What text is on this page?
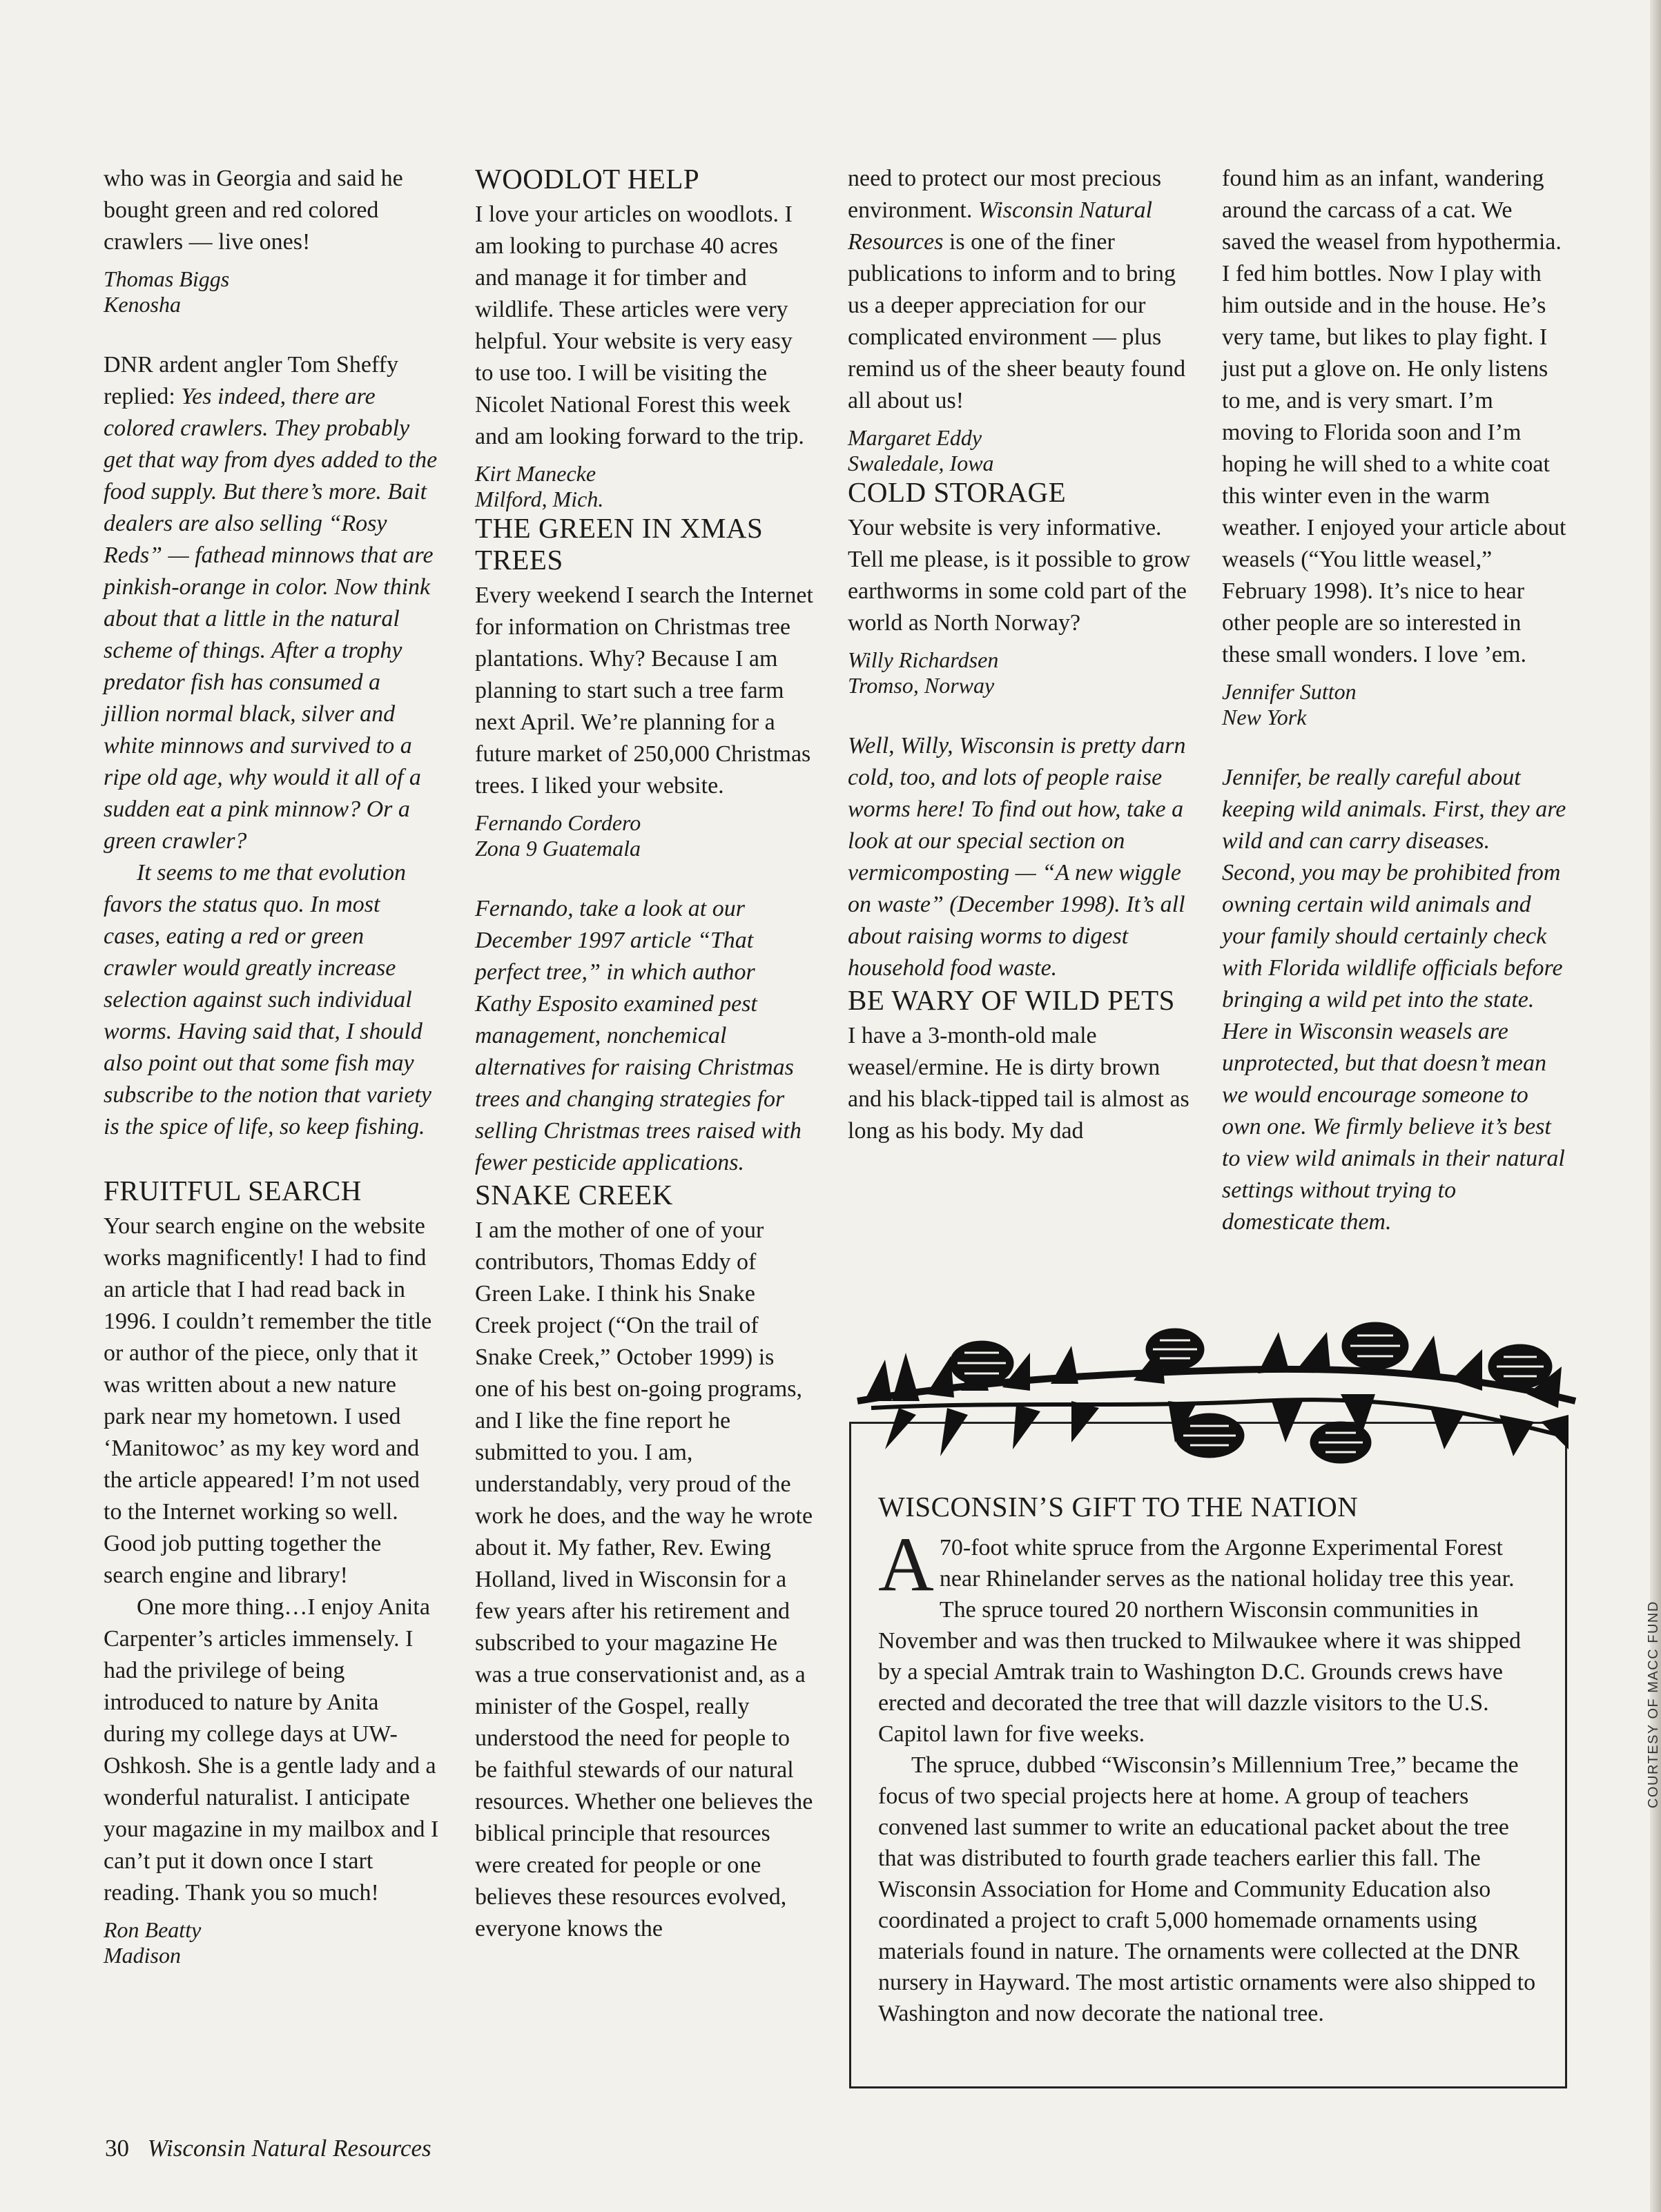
who was in Georgia and said he bought green and red colored crawlers — live ones!

Thomas Biggs
Kenosha

DNR ardent angler Tom Sheffy replied: Yes indeed, there are colored crawlers. They probably get that way from dyes added to the food supply. But there’s more. Bait dealers are also selling “Rosy Reds” — fathead minnows that are pinkish-orange in color. Now think about that a little in the natural scheme of things. After a trophy predator fish has consumed a jillion normal black, silver and white minnows and survived to a ripe old age, why would it all of a sudden eat a pink minnow? Or a green crawler?

It seems to me that evolution favors the status quo. In most cases, eating a red or green crawler would greatly increase selection against such individual worms. Having said that, I should also point out that some fish may subscribe to the notion that variety is the spice of life, so keep fishing.

FRUITFUL SEARCH

Your search engine on the website works magnificently! I had to find an article that I had read back in 1996. I couldn’t remember the title or author of the piece, only that it was written about a new nature park near my hometown. I used ‘Manitowoc’ as my key word and the article appeared! I’m not used to the Internet working so well. Good job putting together the search engine and library!

One more thing…I enjoy Anita Carpenter’s articles immensely. I had the privilege of being introduced to nature by Anita during my college days at UW-Oshkosh. She is a gentle lady and a wonderful naturalist. I anticipate your magazine in my mailbox and I can’t put it down once I start reading. Thank you so much!

Ron Beatty
Madison
WOODLOT HELP

I love your articles on woodlots. I am looking to purchase 40 acres and manage it for timber and wildlife. These articles were very helpful. Your website is very easy to use too. I will be visiting the Nicolet National Forest this week and am looking forward to the trip.

Kirt Manecke
Milford, Mich.
THE GREEN IN XMAS TREES

Every weekend I search the Internet for information on Christmas tree plantations. Why? Because I am planning to start such a tree farm next April. We’re planning for a future market of 250,000 Christmas trees. I liked your website.

Fernando Cordero
Zona 9 Guatemala

Fernando, take a look at our December 1997 article “That perfect tree,” in which author Kathy Esposito examined pest management, nonchemical alternatives for raising Christmas trees and changing strategies for selling Christmas trees raised with fewer pesticide applications.

SNAKE CREEK

I am the mother of one of your contributors, Thomas Eddy of Green Lake. I think his Snake Creek project (“On the trail of Snake Creek,” October 1999) is one of his best on-going programs, and I like the fine report he submitted to you. I am, understandably, very proud of the work he does, and the way he wrote about it. My father, Rev. Ewing Holland, lived in Wisconsin for a few years after his retirement and subscribed to your magazine He was a true conservationist and, as a minister of the Gospel, really understood the need for people to be faithful stewards of our natural resources. Whether one believes the biblical principle that resources were created for people or one believes these resources evolved, everyone knows the

need to protect our most precious environment. Wisconsin Natural Resources is one of the finer publications to inform and to bring us a deeper appreciation for our complicated environment — plus remind us of the sheer beauty found all about us!

Margaret Eddy
Swaledale, Iowa
COLD STORAGE

Your website is very informative. Tell me please, is it possible to grow earthworms in some cold part of the world as North Norway?

Willy Richardsen
Tromso, Norway

Well, Willy, Wisconsin is pretty darn cold, too, and lots of people raise worms here! To find out how, take a look at our special section on vermicomposting — “A new wiggle on waste” (December 1998). It’s all about raising worms to digest household food waste.

BE WARY OF WILD PETS

I have a 3-month-old male weasel/ermine. He is dirty brown and his black-tipped tail is almost as long as his body. My dad

found him as an infant, wandering around the carcass of a cat. We saved the weasel from hypothermia. I fed him bottles. Now I play with him outside and in the house. He’s very tame, but likes to play fight. I just put a glove on. He only listens to me, and is very smart. I’m moving to Florida soon and I’m hoping he will shed to a white coat this winter even in the warm weather. I enjoyed your article about weasels (“You little weasel,” February 1998). It’s nice to hear other people are so interested in these small wonders. I love ’em.

Jennifer Sutton
New York

Jennifer, be really careful about keeping wild animals. First, they are wild and can carry diseases. Second, you may be prohibited from owning certain wild animals and your family should certainly check with Florida wildlife officials before bringing a wild pet into the state. Here in Wisconsin weasels are unprotected, but that doesn’t mean we would encourage someone to own one. We firmly believe it’s best to view wild animals in their natural settings without trying to domesticate them.

WISCONSIN’S GIFT TO THE NATION

A 70-foot white spruce from the Argonne Experimental Forest near Rhinelander serves as the national holiday tree this year. The spruce toured 20 northern Wisconsin communities in November and was then trucked to Milwaukee where it was shipped by a special Amtrak train to Washington D.C. Grounds crews have erected and decorated the tree that will dazzle visitors to the U.S. Capitol lawn for five weeks.

The spruce, dubbed “Wisconsin’s Millennium Tree,” became the focus of two special projects here at home. A group of teachers convened last summer to write an educational packet about the tree that was distributed to fourth grade teachers earlier this fall. The Wisconsin Association for Home and Community Education also coordinated a project to craft 5,000 homemade ornaments using materials found in nature. The ornaments were collected at the DNR nursery in Hayward. The most artistic ornaments were also shipped to Washington and now decorate the national tree.

COURTESY OF MACC FUND
30 Wisconsin Natural Resources
